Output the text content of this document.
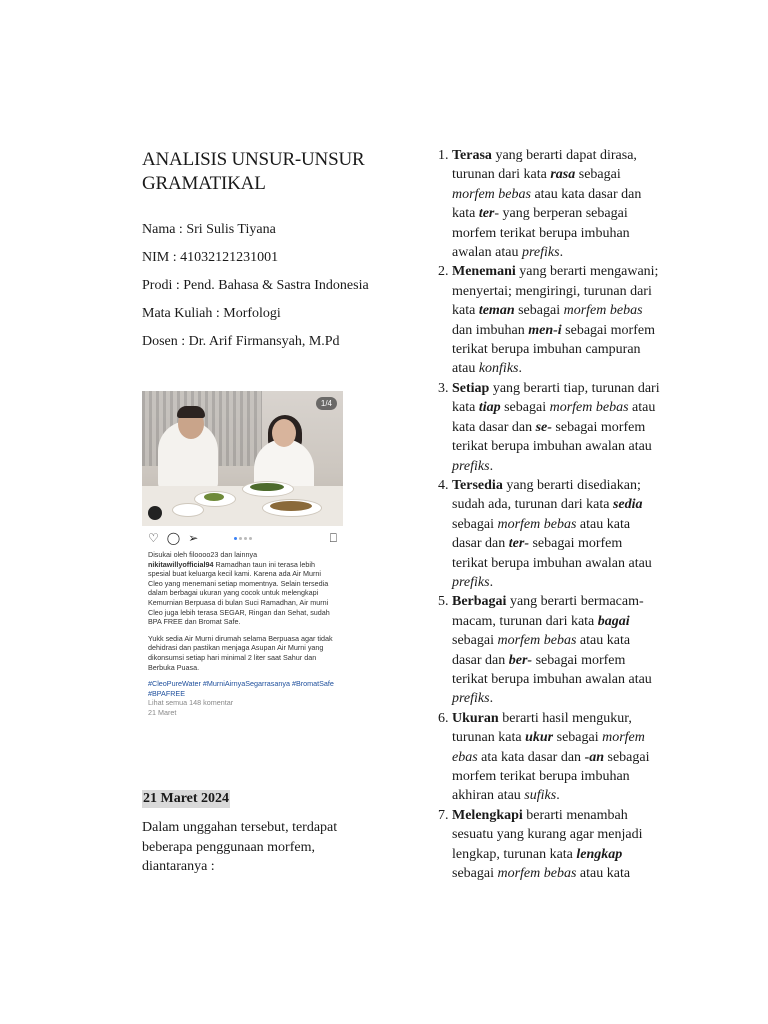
ANALISIS UNSUR-UNSUR GRAMATIKAL

Nama : Sri Sulis Tiyana

NIM : 41032121231001

Prodi : Pend. Bahasa & Sastra Indonesia

Mata Kuliah : Morfologi

Dosen : Dr. Arif Firmansyah, M.Pd

1/4
♡ ◯ ➢	⎕

Disukai oleh filoooo23 dan lainnya
nikitawillyofficial94 Ramadhan taun ini terasa lebih spesial buat keluarga kecil kami. Karena ada Air Murni Cleo yang menemani setiap momentnya. Selain tersedia dalam berbagai ukuran yang cocok untuk melengkapi Kemurnian Berpuasa di bulan Suci Ramadhan, Air murni Cleo juga lebih terasa SEGAR, Ringan dan Sehat, sudah BPA FREE dan Bromat Safe.

Yukk sedia Air Murni dirumah selama Berpuasa agar tidak dehidrasi dan pastikan menjaga Asupan Air Murni yang dikonsumsi setiap hari minimal 2 liter saat Sahur dan Berbuka Puasa.

#CleoPureWater #MurniAirnyaSegarrasanya #BromatSafe #BPAFREE
Lihat semua 148 komentar
21 Maret

21 Maret 2024
Dalam unggahan tersebut, terdapat beberapa penggunaan morfem, diantaranya :
1. Terasa yang berarti dapat dirasa, turunan dari kata rasa sebagai morfem bebas atau kata dasar dan kata ter- yang berperan sebagai morfem terikat berupa imbuhan awalan atau prefiks.
2. Menemani yang berarti mengawani; menyertai; mengiringi, turunan dari kata teman sebagai morfem bebas dan imbuhan men-i sebagai morfem terikat berupa imbuhan campuran atau konfiks.
3. Setiap yang berarti tiap, turunan dari kata tiap sebagai morfem bebas atau kata dasar dan se- sebagai morfem terikat berupa imbuhan awalan atau prefiks.
4. Tersedia yang berarti disediakan; sudah ada, turunan dari kata sedia sebagai morfem bebas atau kata dasar dan ter- sebagai morfem terikat berupa imbuhan awalan atau prefiks.
5. Berbagai yang berarti bermacam-macam, turunan dari kata bagai sebagai morfem bebas atau kata dasar dan ber- sebagai morfem terikat berupa imbuhan awalan atau prefiks.
6. Ukuran berarti hasil mengukur, turunan kata ukur sebagai morfem ebas ata kata dasar dan -an sebagai morfem terikat berupa imbuhan akhiran atau sufiks.
7. Melengkapi berarti menambah sesuatu yang kurang agar menjadi lengkap, turunan kata lengkap sebagai morfem bebas atau kata
